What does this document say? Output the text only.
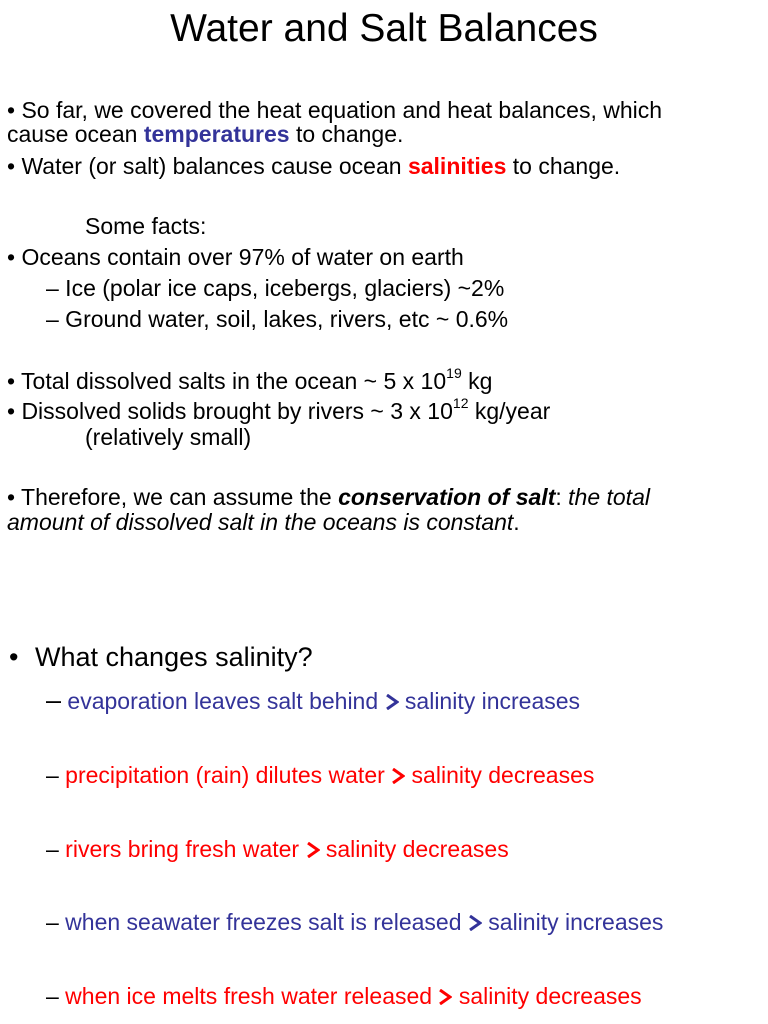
Water and Salt Balances
• So far, we covered the heat equation and heat balances, which
cause ocean temperatures to change.
• Water (or salt) balances cause ocean salinities to change.
Some facts:
• Oceans contain over 97% of water on earth
– Ice (polar ice caps, icebergs, glaciers) ~2%
– Ground water, soil, lakes, rivers, etc ~ 0.6%
• Total dissolved salts in the ocean ~ 5 x $10^{19}$ kg
• Dissolved solids brought by rivers ~ 3 x $10^{12}$ kg/year
(relatively small)
• Therefore, we can assume the conservation of salt: the total
amount of dissolved salt in the oceans is constant.
• What changes salinity?
– evaporation leaves salt behind  salinity increases
– precipitation (rain) dilutes water  salinity decreases
– rivers bring fresh water  salinity decreases
– when seawater freezes salt is released  salinity increases
– when ice melts fresh water released  salinity decreases
